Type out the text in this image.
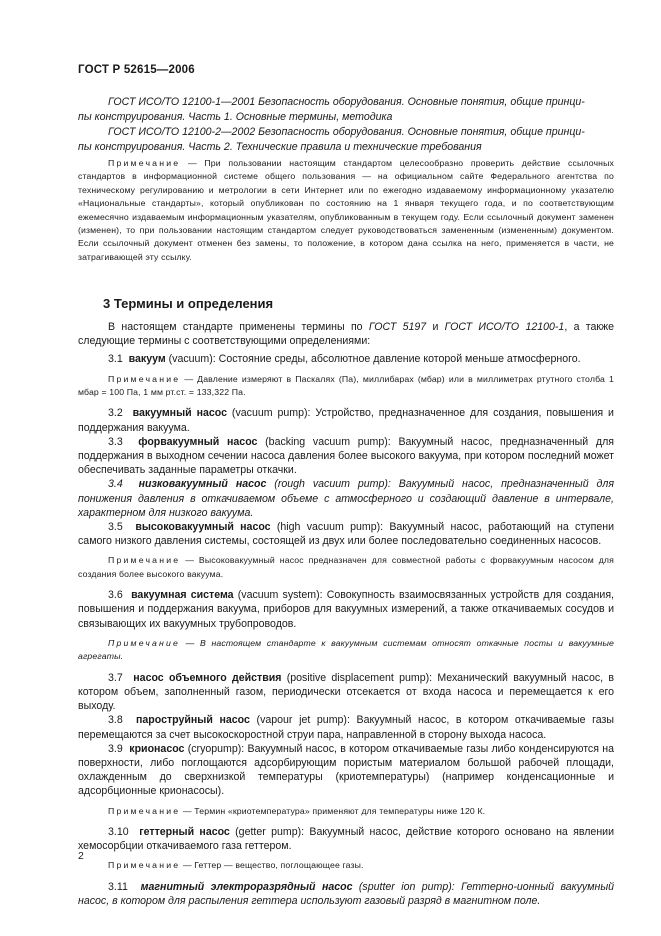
ГОСТ Р 52615—2006

ГОСТ ИСО/ТО 12100-1—2001 Безопасность оборудования. Основные понятия, общие принци-
пы конструирования. Часть 1. Основные термины, методика

ГОСТ ИСО/ТО 12100-2—2002 Безопасность оборудования. Основные понятия, общие принци-
пы конструирования. Часть 2. Технические правила и технические требования

Примечание — При пользовании настоящим стандартом целесообразно проверить действие ссылочных стандартов в информационной системе общего пользования — на официальном сайте Федерального агентства по техническому регулированию и метрологии в сети Интернет или по ежегодно издаваемому информационному указателю «Национальные стандарты», который опубликован по состоянию на 1 января текущего года, и по соответствующим ежемесячно издаваемым информационным указателям, опубликованным в текущем году. Если ссылочный документ заменен (изменен), то при пользовании настоящим стандартом следует руководствоваться замененным (измененным) документом. Если ссылочный документ отменен без замены, то положение, в котором дана ссылка на него, применяется в части, не затрагивающей эту ссылку.

3 Термины и определения

В настоящем стандарте применены термины по ГОСТ 5197 и ГОСТ ИСО/ТО 12100-1, а также следующие термины с соответствующими определениями:

3.1 вакуум (vacuum): Состояние среды, абсолютное давление которой меньше атмосферного.

Примечание — Давление измеряют в Паскалях (Па), миллибарах (мбар) или в миллиметрах ртутного столба 1 мбар = 100 Па, 1 мм рт.ст. = 133,322 Па.

3.2 вакуумный насос (vacuum pump): Устройство, предназначенное для создания, повышения и поддержания вакуума.

3.3 форвакуумный насос (backing vacuum pump): Вакуумный насос, предназначенный для поддержания в выходном сечении насоса давления более высокого вакуума, при котором последний может обеспечивать заданные параметры откачки.

3.4 низковакуумный насос (rough vacuum pump): Вакуумный насос, предназначенный для понижения давления в откачиваемом объеме с атмосферного и создающий давление в интервале, характерном для низкого вакуума.

3.5 высоковакуумный насос (high vacuum pump): Вакуумный насос, работающий на ступени самого низкого давления системы, состоящей из двух или более последовательно соединенных насосов.

Примечание — Высоковакуумный насос предназначен для совместной работы с форвакуумным насосом для создания более высокого вакуума.

3.6 вакуумная система (vacuum system): Совокупность взаимосвязанных устройств для создания, повышения и поддержания вакуума, приборов для вакуумных измерений, а также откачиваемых сосудов и связывающих их вакуумных трубопроводов.

Примечание — В настоящем стандарте к вакуумным системам относят откачные посты и вакуумные агрегаты.

3.7 насос объемного действия (positive displacement pump): Механический вакуумный насос, в котором объем, заполненный газом, периодически отсекается от входа насоса и перемещается к его выходу.

3.8 пароструйный насос (vapour jet pump): Вакуумный насос, в котором откачиваемые газы перемещаются за счет высокоскоростной струи пара, направленной в сторону выхода насоса.

3.9 крионасос (cryopump): Вакуумный насос, в котором откачиваемые газы либо конденсируются на поверхности, либо поглощаются адсорбирующим пористым материалом большой рабочей площади, охлажденным до сверхнизкой температуры (криотемпературы) (например конденсационные и адсорбционные крионасосы).

Примечание — Термин «криотемпература» применяют для температуры ниже 120 К.

3.10 геттерный насос (getter pump): Вакуумный насос, действие которого основано на явлении хемосорбции откачиваемого газа геттером.

Примечание — Геттер — вещество, поглощающее газы.

3.11 магнитный электроразрядный насос (sputter ion pump): Геттерно-ионный вакуумный насос, в котором для распыления геттера используют газовый разряд в магнитном поле.

2
